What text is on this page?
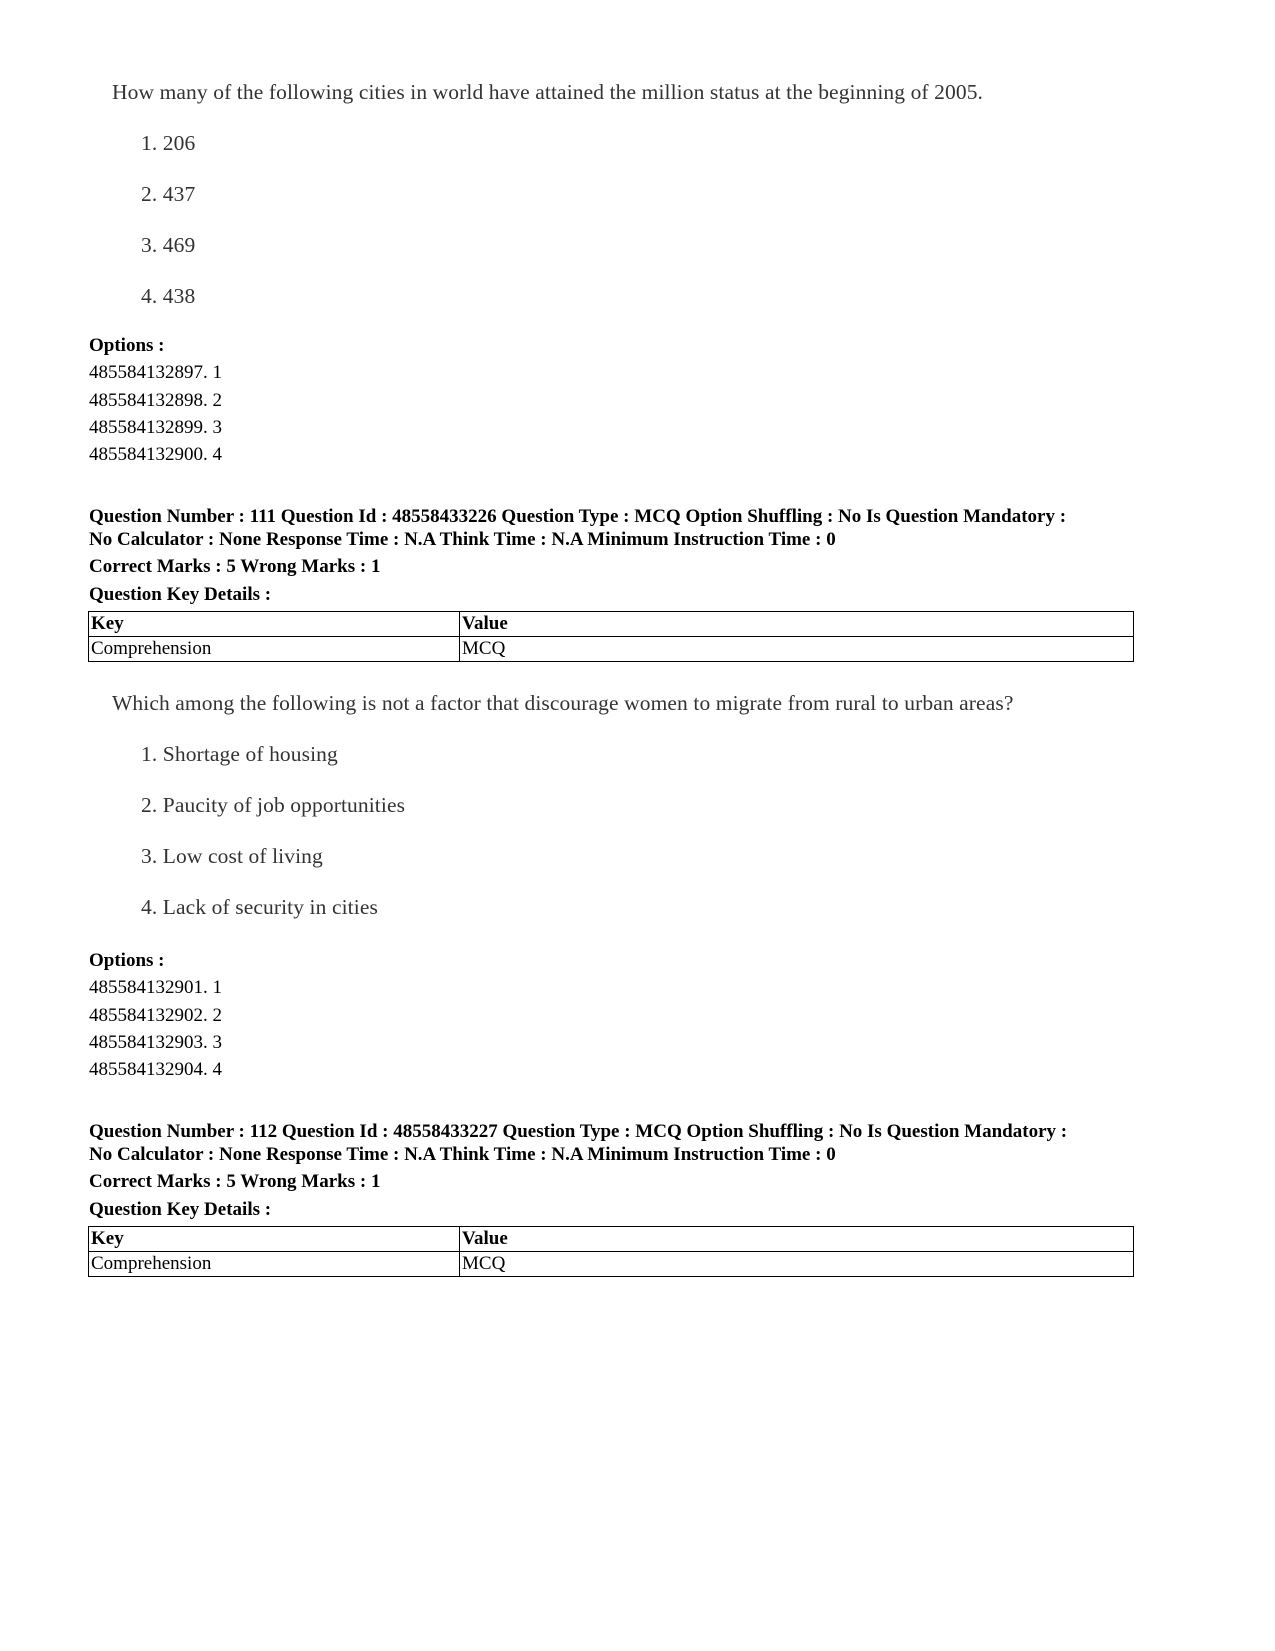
How many of the following cities in world have attained the million status at the beginning of 2005.

1. 206

2. 437

3. 469

4. 438

Options :
485584132897. 1
485584132898. 2
485584132899. 3
485584132900. 4
Question Number : 111 Question Id : 48558433226 Question Type : MCQ Option Shuffling : No Is Question Mandatory :
No Calculator : None Response Time : N.A Think Time : N.A Minimum Instruction Time : 0
Correct Marks : 5 Wrong Marks : 1
Question Key Details :
Key	Value
Comprehension	MCQ

Which among the following is not a factor that discourage women to migrate from rural to urban areas?

1. Shortage of housing

2. Paucity of job opportunities

3. Low cost of living

4. Lack of security in cities

Options :
485584132901. 1
485584132902. 2
485584132903. 3
485584132904. 4
Question Number : 112 Question Id : 48558433227 Question Type : MCQ Option Shuffling : No Is Question Mandatory :
No Calculator : None Response Time : N.A Think Time : N.A Minimum Instruction Time : 0
Correct Marks : 5 Wrong Marks : 1
Question Key Details :
Key	Value
Comprehension	MCQ
